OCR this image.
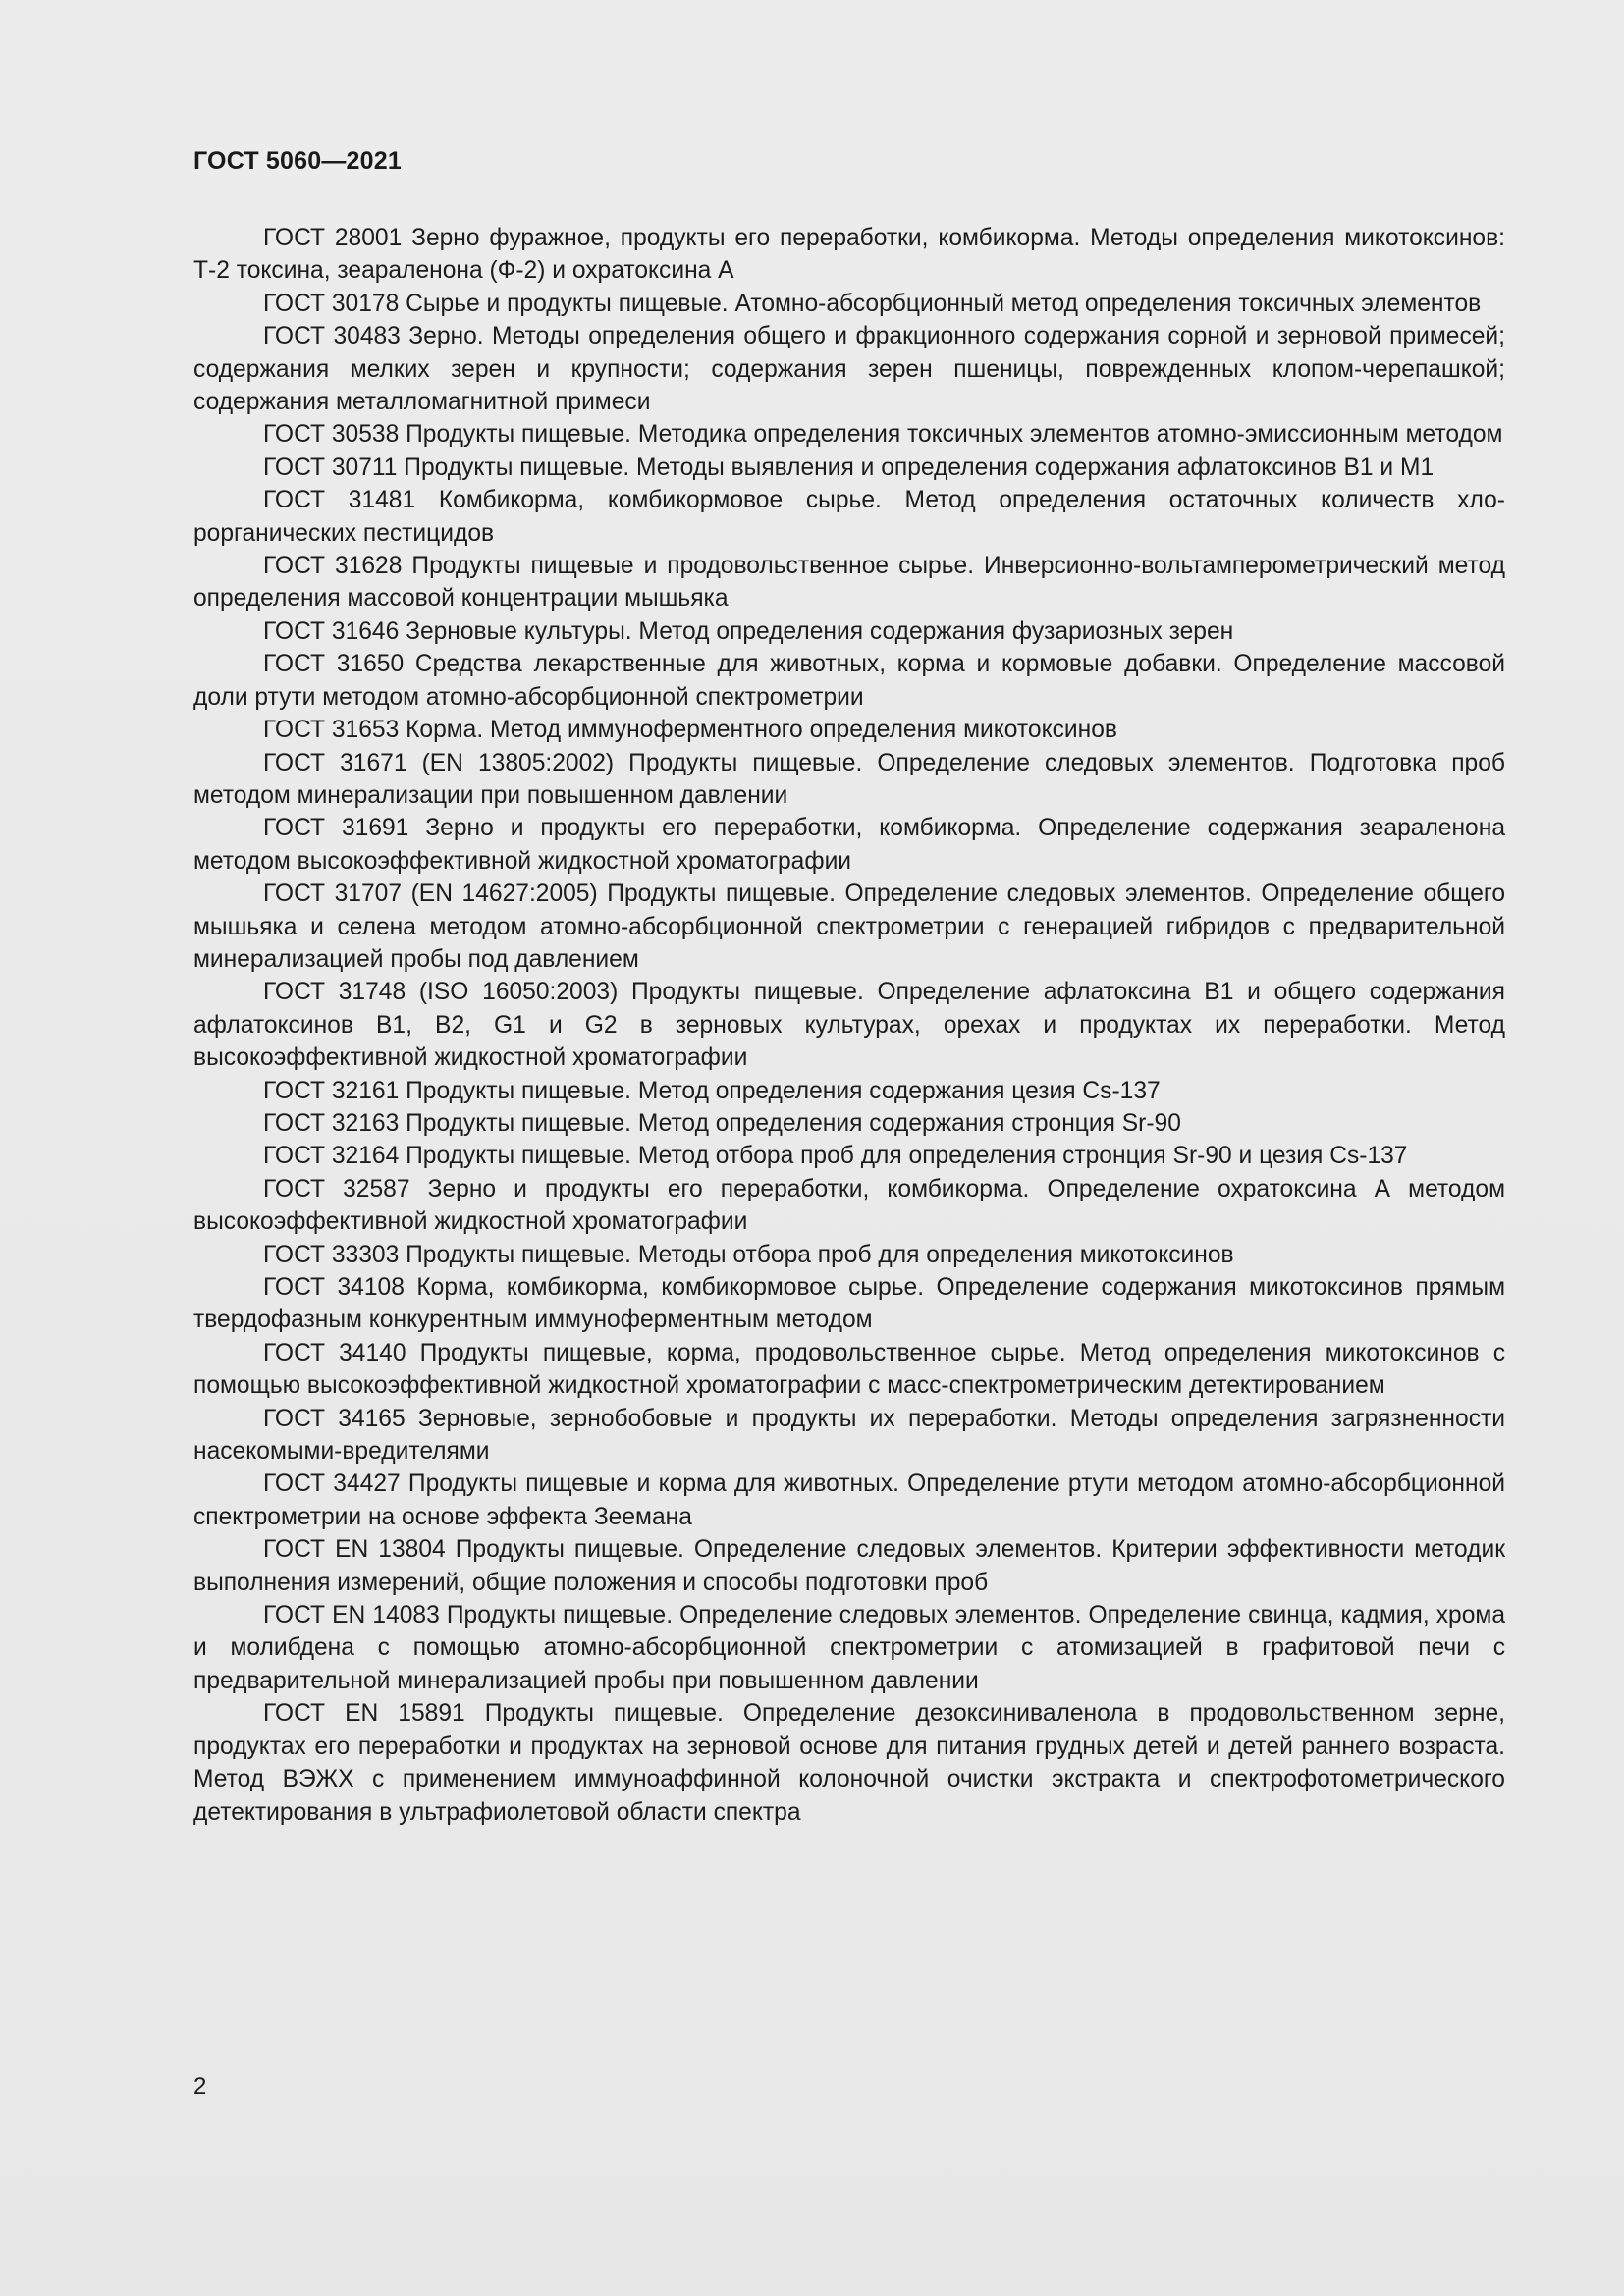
ГОСТ 5060—2021
ГОСТ 28001 Зерно фуражное, продукты его переработки, комбикорма. Методы определения микотоксинов: Т-2 токсина, зеараленона (Ф-2) и охратоксина А
ГОСТ 30178 Сырье и продукты пищевые. Атомно-абсорбционный метод определения токсичных элементов
ГОСТ 30483 Зерно. Методы определения общего и фракционного содержания сорной и зерновой примесей; содержания мелких зерен и крупности; содержания зерен пшеницы, поврежденных клопом-черепашкой; содержания металломагнитной примеси
ГОСТ 30538 Продукты пищевые. Методика определения токсичных элементов атомно-эмиссионным методом
ГОСТ 30711 Продукты пищевые. Методы выявления и определения содержания афлатоксинов В1 и М1
ГОСТ 31481 Комбикорма, комбикормовое сырье. Метод определения остаточных количеств хлорорганических пестицидов
ГОСТ 31628 Продукты пищевые и продовольственное сырье. Инверсионно-вольтамперометрический метод определения массовой концентрации мышьяка
ГОСТ 31646 Зерновые культуры. Метод определения содержания фузариозных зерен
ГОСТ 31650 Средства лекарственные для животных, корма и кормовые добавки. Определение массовой доли ртути методом атомно-абсорбционной спектрометрии
ГОСТ 31653 Корма. Метод иммуноферментного определения микотоксинов
ГОСТ 31671 (EN 13805:2002) Продукты пищевые. Определение следовых элементов. Подготовка проб методом минерализации при повышенном давлении
ГОСТ 31691 Зерно и продукты его переработки, комбикорма. Определение содержания зеараленона методом высокоэффективной жидкостной хроматографии
ГОСТ 31707 (EN 14627:2005) Продукты пищевые. Определение следовых элементов. Определение общего мышьяка и селена методом атомно-абсорбционной спектрометрии с генерацией гибридов с предварительной минерализацией пробы под давлением
ГОСТ 31748 (ISO 16050:2003) Продукты пищевые. Определение афлатоксина В1 и общего содержания афлатоксинов В1, В2, G1 и G2 в зерновых культурах, орехах и продуктах их переработки. Метод высокоэффективной жидкостной хроматографии
ГОСТ 32161 Продукты пищевые. Метод определения содержания цезия Cs-137
ГОСТ 32163 Продукты пищевые. Метод определения содержания стронция Sr-90
ГОСТ 32164 Продукты пищевые. Метод отбора проб для определения стронция Sr-90 и цезия Cs-137
ГОСТ 32587 Зерно и продукты его переработки, комбикорма. Определение охратоксина А методом высокоэффективной жидкостной хроматографии
ГОСТ 33303 Продукты пищевые. Методы отбора проб для определения микотоксинов
ГОСТ 34108 Корма, комбикорма, комбикормовое сырье. Определение содержания микотоксинов прямым твердофазным конкурентным иммуноферментным методом
ГОСТ 34140 Продукты пищевые, корма, продовольственное сырье. Метод определения микотоксинов с помощью высокоэффективной жидкостной хроматографии с масс-спектрометрическим детектированием
ГОСТ 34165 Зерновые, зернобобовые и продукты их переработки. Методы определения загрязненности насекомыми-вредителями
ГОСТ 34427 Продукты пищевые и корма для животных. Определение ртути методом атомно-абсорбционной спектрометрии на основе эффекта Зеемана
ГОСТ EN 13804 Продукты пищевые. Определение следовых элементов. Критерии эффективности методик выполнения измерений, общие положения и способы подготовки проб
ГОСТ EN 14083 Продукты пищевые. Определение следовых элементов. Определение свинца, кадмия, хрома и молибдена с помощью атомно-абсорбционной спектрометрии с атомизацией в графитовой печи с предварительной минерализацией пробы при повышенном давлении
ГОСТ EN 15891 Продукты пищевые. Определение дезоксиниваленола в продовольственном зерне, продуктах его переработки и продуктах на зерновой основе для питания грудных детей и детей раннего возраста. Метод ВЭЖХ с применением иммуноаффинной колоночной очистки экстракта и спектрофотометрического детектирования в ультрафиолетовой области спектра
2
